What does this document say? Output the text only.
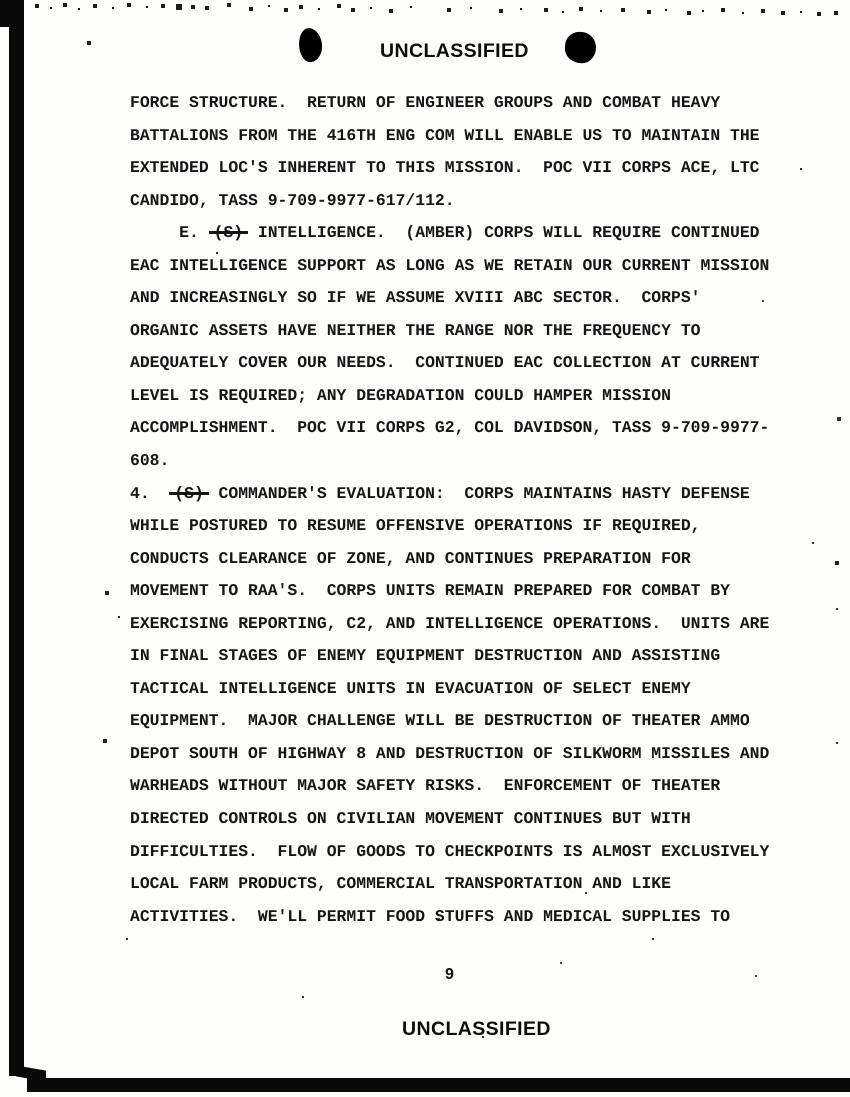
UNCLASSIFIED
FORCE STRUCTURE.  RETURN OF ENGINEER GROUPS AND COMBAT HEAVY
BATTALIONS FROM THE 416TH ENG COM WILL ENABLE US TO MAINTAIN THE
EXTENDED LOC'S INHERENT TO THIS MISSION.  POC VII CORPS ACE, LTC
CANDIDO, TASS 9-709-9977-617/112.
E. (S) INTELLIGENCE.  (AMBER) CORPS WILL REQUIRE CONTINUED
EAC INTELLIGENCE SUPPORT AS LONG AS WE RETAIN OUR CURRENT MISSION
AND INCREASINGLY SO IF WE ASSUME XVIII ABC SECTOR.  CORPS'
ORGANIC ASSETS HAVE NEITHER THE RANGE NOR THE FREQUENCY TO
ADEQUATELY COVER OUR NEEDS.  CONTINUED EAC COLLECTION AT CURRENT
LEVEL IS REQUIRED; ANY DEGRADATION COULD HAMPER MISSION
ACCOMPLISHMENT.  POC VII CORPS G2, COL DAVIDSON, TASS 9-709-9977-
608.
4.  (S) COMMANDER'S EVALUATION:  CORPS MAINTAINS HASTY DEFENSE
WHILE POSTURED TO RESUME OFFENSIVE OPERATIONS IF REQUIRED,
CONDUCTS CLEARANCE OF ZONE, AND CONTINUES PREPARATION FOR
MOVEMENT TO RAA'S.  CORPS UNITS REMAIN PREPARED FOR COMBAT BY
EXERCISING REPORTING, C2, AND INTELLIGENCE OPERATIONS.  UNITS ARE
IN FINAL STAGES OF ENEMY EQUIPMENT DESTRUCTION AND ASSISTING
TACTICAL INTELLIGENCE UNITS IN EVACUATION OF SELECT ENEMY
EQUIPMENT.  MAJOR CHALLENGE WILL BE DESTRUCTION OF THEATER AMMO
DEPOT SOUTH OF HIGHWAY 8 AND DESTRUCTION OF SILKWORM MISSILES AND
WARHEADS WITHOUT MAJOR SAFETY RISKS.  ENFORCEMENT OF THEATER
DIRECTED CONTROLS ON CIVILIAN MOVEMENT CONTINUES BUT WITH
DIFFICULTIES.  FLOW OF GOODS TO CHECKPOINTS IS ALMOST EXCLUSIVELY
LOCAL FARM PRODUCTS, COMMERCIAL TRANSPORTATION AND LIKE
ACTIVITIES.  WE'LL PERMIT FOOD STUFFS AND MEDICAL SUPPLIES TO
9
UNCLASSIFIED
